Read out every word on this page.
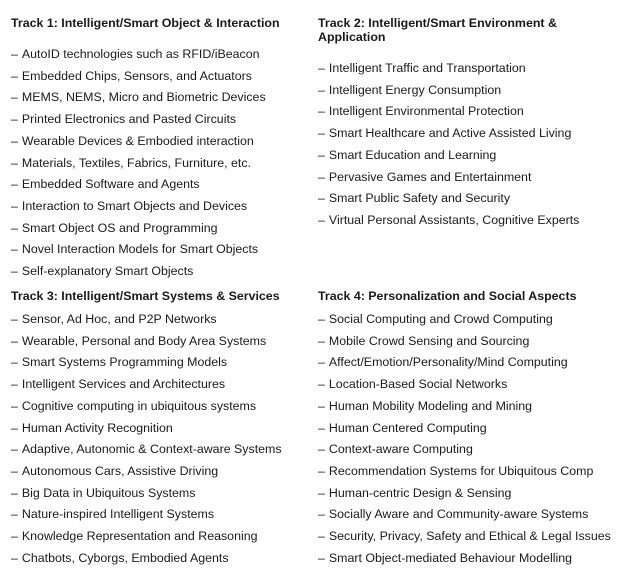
Track 1: Intelligent/Smart Object & Interaction
– AutoID technologies such as RFID/iBeacon
– Embedded Chips, Sensors, and Actuators
– MEMS, NEMS, Micro and Biometric Devices
– Printed Electronics and Pasted Circuits
– Wearable Devices & Embodied interaction
– Materials, Textiles, Fabrics, Furniture, etc.
– Embedded Software and Agents
– Interaction to Smart Objects and Devices
– Smart Object OS and Programming
– Novel Interaction Models for Smart Objects
– Self-explanatory Smart Objects
Track 2: Intelligent/Smart Environment & Application
– Intelligent Traffic and Transportation
– Intelligent Energy Consumption
– Intelligent Environmental Protection
– Smart Healthcare and Active Assisted Living
– Smart Education and Learning
– Pervasive Games and Entertainment
– Smart Public Safety and Security
– Virtual Personal Assistants, Cognitive Experts
Track 3: Intelligent/Smart Systems & Services
– Sensor, Ad Hoc, and P2P Networks
– Wearable, Personal and Body Area Systems
– Smart Systems Programming Models
– Intelligent Services and Architectures
– Cognitive computing in ubiquitous systems
– Human Activity Recognition
– Adaptive, Autonomic & Context-aware Systems
– Autonomous Cars, Assistive Driving
– Big Data in Ubiquitous Systems
– Nature-inspired Intelligent Systems
– Knowledge Representation and Reasoning
– Chatbots, Cyborgs, Embodied Agents
Track 4: Personalization and Social Aspects
– Social Computing and Crowd Computing
– Mobile Crowd Sensing and Sourcing
– Affect/Emotion/Personality/Mind Computing
– Location-Based Social Networks
– Human Mobility Modeling and Mining
– Human Centered Computing
– Context-aware Computing
– Recommendation Systems for Ubiquitous Comp
– Human-centric Design & Sensing
– Socially Aware and Community-aware Systems
– Security, Privacy, Safety and Ethical & Legal Issues
– Smart Object-mediated Behaviour Modelling
